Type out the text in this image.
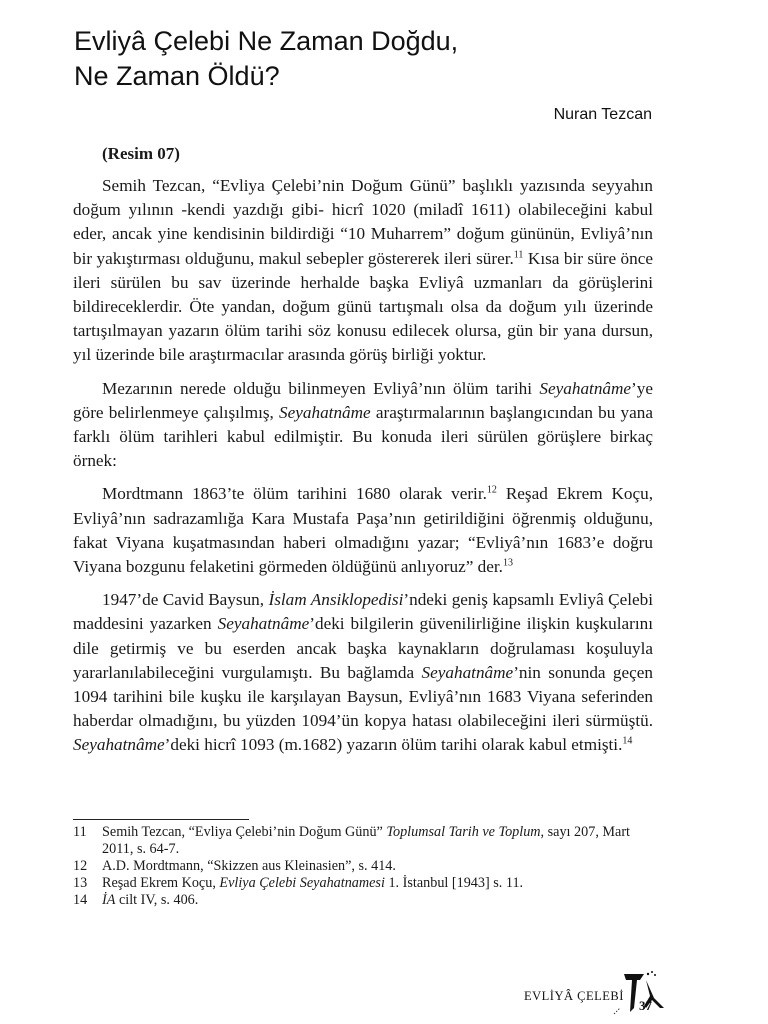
Evliyâ Çelebi Ne Zaman Doğdu,
Ne Zaman Öldü?
Nuran Tezcan
(Resim 07)

Semih Tezcan, “Evliya Çelebi’nin Doğum Günü” başlıklı yazısında seyyahın doğum yılının -kendi yazdığı gibi- hicrî 1020 (miladî 1611) olabileceğini kabul eder, ancak yine kendisinin bildirdiği “10 Muharrem” doğum gününün, Evliyâ’nın bir yakıştırması olduğunu, makul sebepler göstererek ileri sürer.$^{11}$ Kısa bir süre önce ileri sürülen bu sav üzerinde herhalde başka Evliyâ uzmanları da görüşlerini bildireceklerdir. Öte yandan, doğum günü tartışmalı olsa da doğum yılı üzerinde tartışılmayan yazarın ölüm tarihi söz konusu edilecek olursa, gün bir yana dursun, yıl üzerinde bile araştırmacılar arasında görüş birliği yoktur.

Mezarının nerede olduğu bilinmeyen Evliyâ’nın ölüm tarihi Seyahatnâme’ye göre belirlenmeye çalışılmış, Seyahatnâme araştırmalarının başlangıcından bu yana farklı ölüm tarihleri kabul edilmiştir. Bu konuda ileri sürülen görüşlere birkaç örnek:

Mordtmann 1863’te ölüm tarihini 1680 olarak verir.$^{12}$ Reşad Ekrem Koçu, Evliyâ’nın sadrazamlığa Kara Mustafa Paşa’nın getirildiğini öğrenmiş olduğunu, fakat Viyana kuşatmasından haberi olmadığını yazar; “Evliyâ’nın 1683’e doğru Viyana bozgunu felaketini görmeden öldüğünü anlıyoruz” der.$^{13}$

1947’de Cavid Baysun, İslam Ansiklopedisi’ndeki geniş kapsamlı Evliyâ Çelebi maddesini yazarken Seyahatnâme’deki bilgilerin güvenilirliğine ilişkin kuşkularını dile getirmiş ve bu eserden ancak başka kaynakların doğrulaması koşuluyla yararlanılabileceğini vurgulamıştı. Bu bağlamda Seyahatnâme’nin sonunda geçen 1094 tarihini bile kuşku ile karşılayan Baysun, Evliyâ’nın 1683 Viyana seferinden haberdar olmadığını, bu yüzden 1094’ün kopya hatası olabileceğini ileri sürmüştü. Seyahatnâme’deki hicrî 1093 (m.1682) yazarın ölüm tarihi olarak kabul etmişti.$^{14}$

11	Semih Tezcan, “Evliya Çelebi’nin Doğum Günü” Toplumsal Tarih ve Toplum, sayı 207, Mart 2011, s. 64-7.
12	A.D. Mordtmann, “Skizzen aus Kleinasien”, s. 414.
13	Reşad Ekrem Koçu, Evliya Çelebi Seyahatnamesi 1. İstanbul [1943] s. 11.
14	İA cilt IV, s. 406.
EVLİYÂ ÇELEBİ
37
